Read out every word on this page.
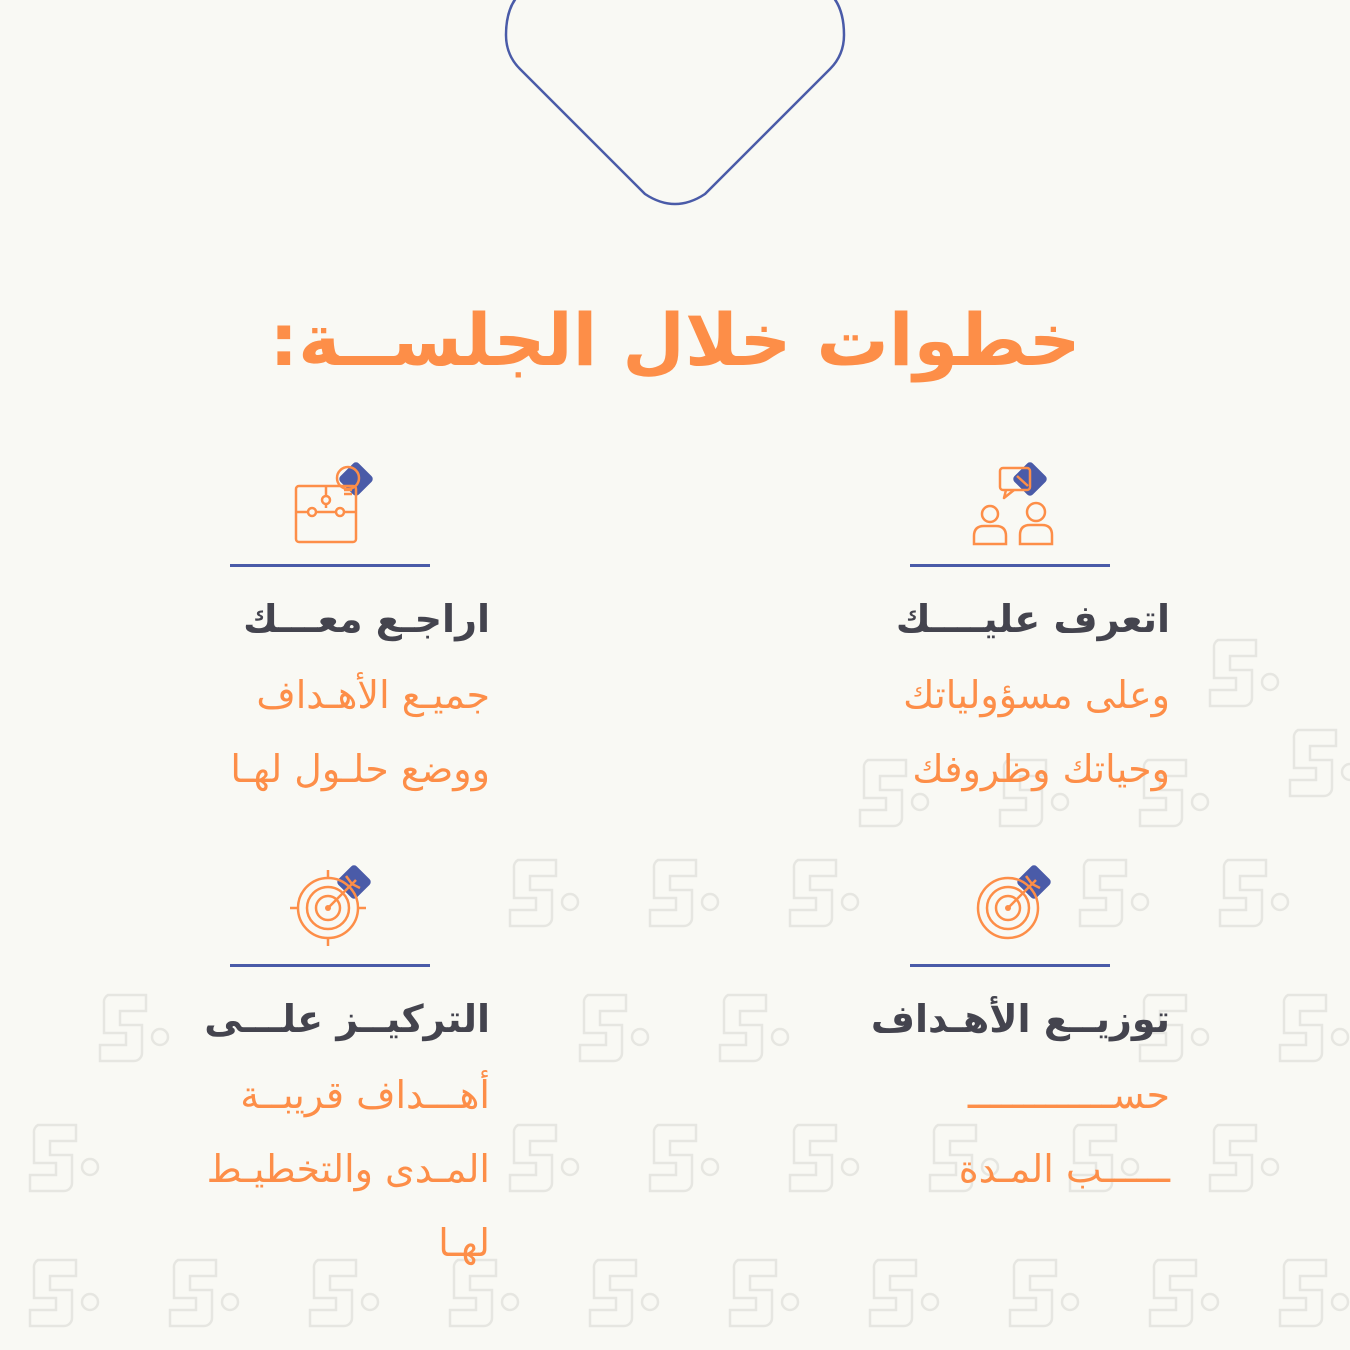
خطوات خلال الجلســة:

اتعرف عليــــك

وعلى مسؤولياتك
وحياتك وظروفك

اراجـع معـــك

جميـع الأهـداف
ووضع حلـول لهـا

توزيــع الأهـداف

حســـــــــــــ
ــــــب المـدة

التركيــز علـــى

أهـــداف قريبــة
المـدى والتخطيـط
لهـا
